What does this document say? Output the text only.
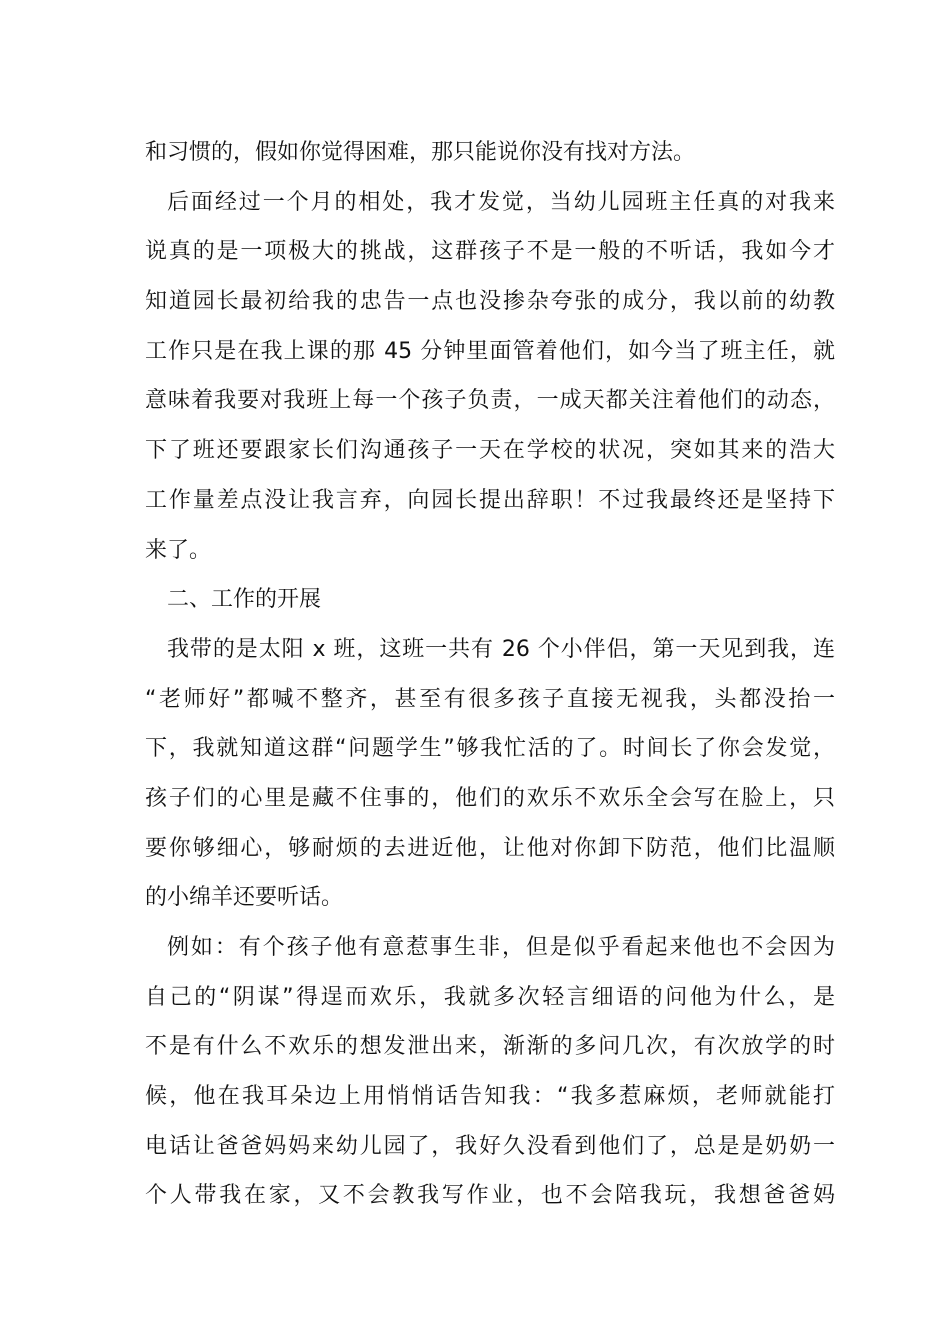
和习惯的，假如你觉得困难，那只能说你没有找对方法。
后面经过一个月的相处，我才发觉，当幼儿园班主任真的对我来
说真的是一项极大的挑战，这群孩子不是一般的不听话，我如今才
知道园长最初给我的忠告一点也没掺杂夸张的成分，我以前的幼教
工作只是在我上课的那 45 分钟里面管着他们，如今当了班主任，就
意味着我要对我班上每一个孩子负责，一成天都关注着他们的动态，
下了班还要跟家长们沟通孩子一天在学校的状况，突如其来的浩大
工作量差点没让我言弃，向园长提出辞职！不过我最终还是坚持下
来了。
二、工作的开展
我带的是太阳 x 班，这班一共有 26 个小伴侣，第一天见到我，连
“老师好”都喊不整齐，甚至有很多孩子直接无视我，头都没抬一
下，我就知道这群“问题学生”够我忙活的了。时间长了你会发觉，
孩子们的心里是藏不住事的，他们的欢乐不欢乐全会写在脸上，只
要你够细心，够耐烦的去进近他，让他对你卸下防范，他们比温顺
的小绵羊还要听话。
例如：有个孩子他有意惹事生非，但是似乎看起来他也不会因为
自己的“阴谋”得逞而欢乐，我就多次轻言细语的问他为什么，是
不是有什么不欢乐的想发泄出来，渐渐的多问几次，有次放学的时
候，他在我耳朵边上用悄悄话告知我：“我多惹麻烦，老师就能打
电话让爸爸妈妈来幼儿园了，我好久没看到他们了，总是是奶奶一
个人带我在家，又不会教我写作业，也不会陪我玩，我想爸爸妈
